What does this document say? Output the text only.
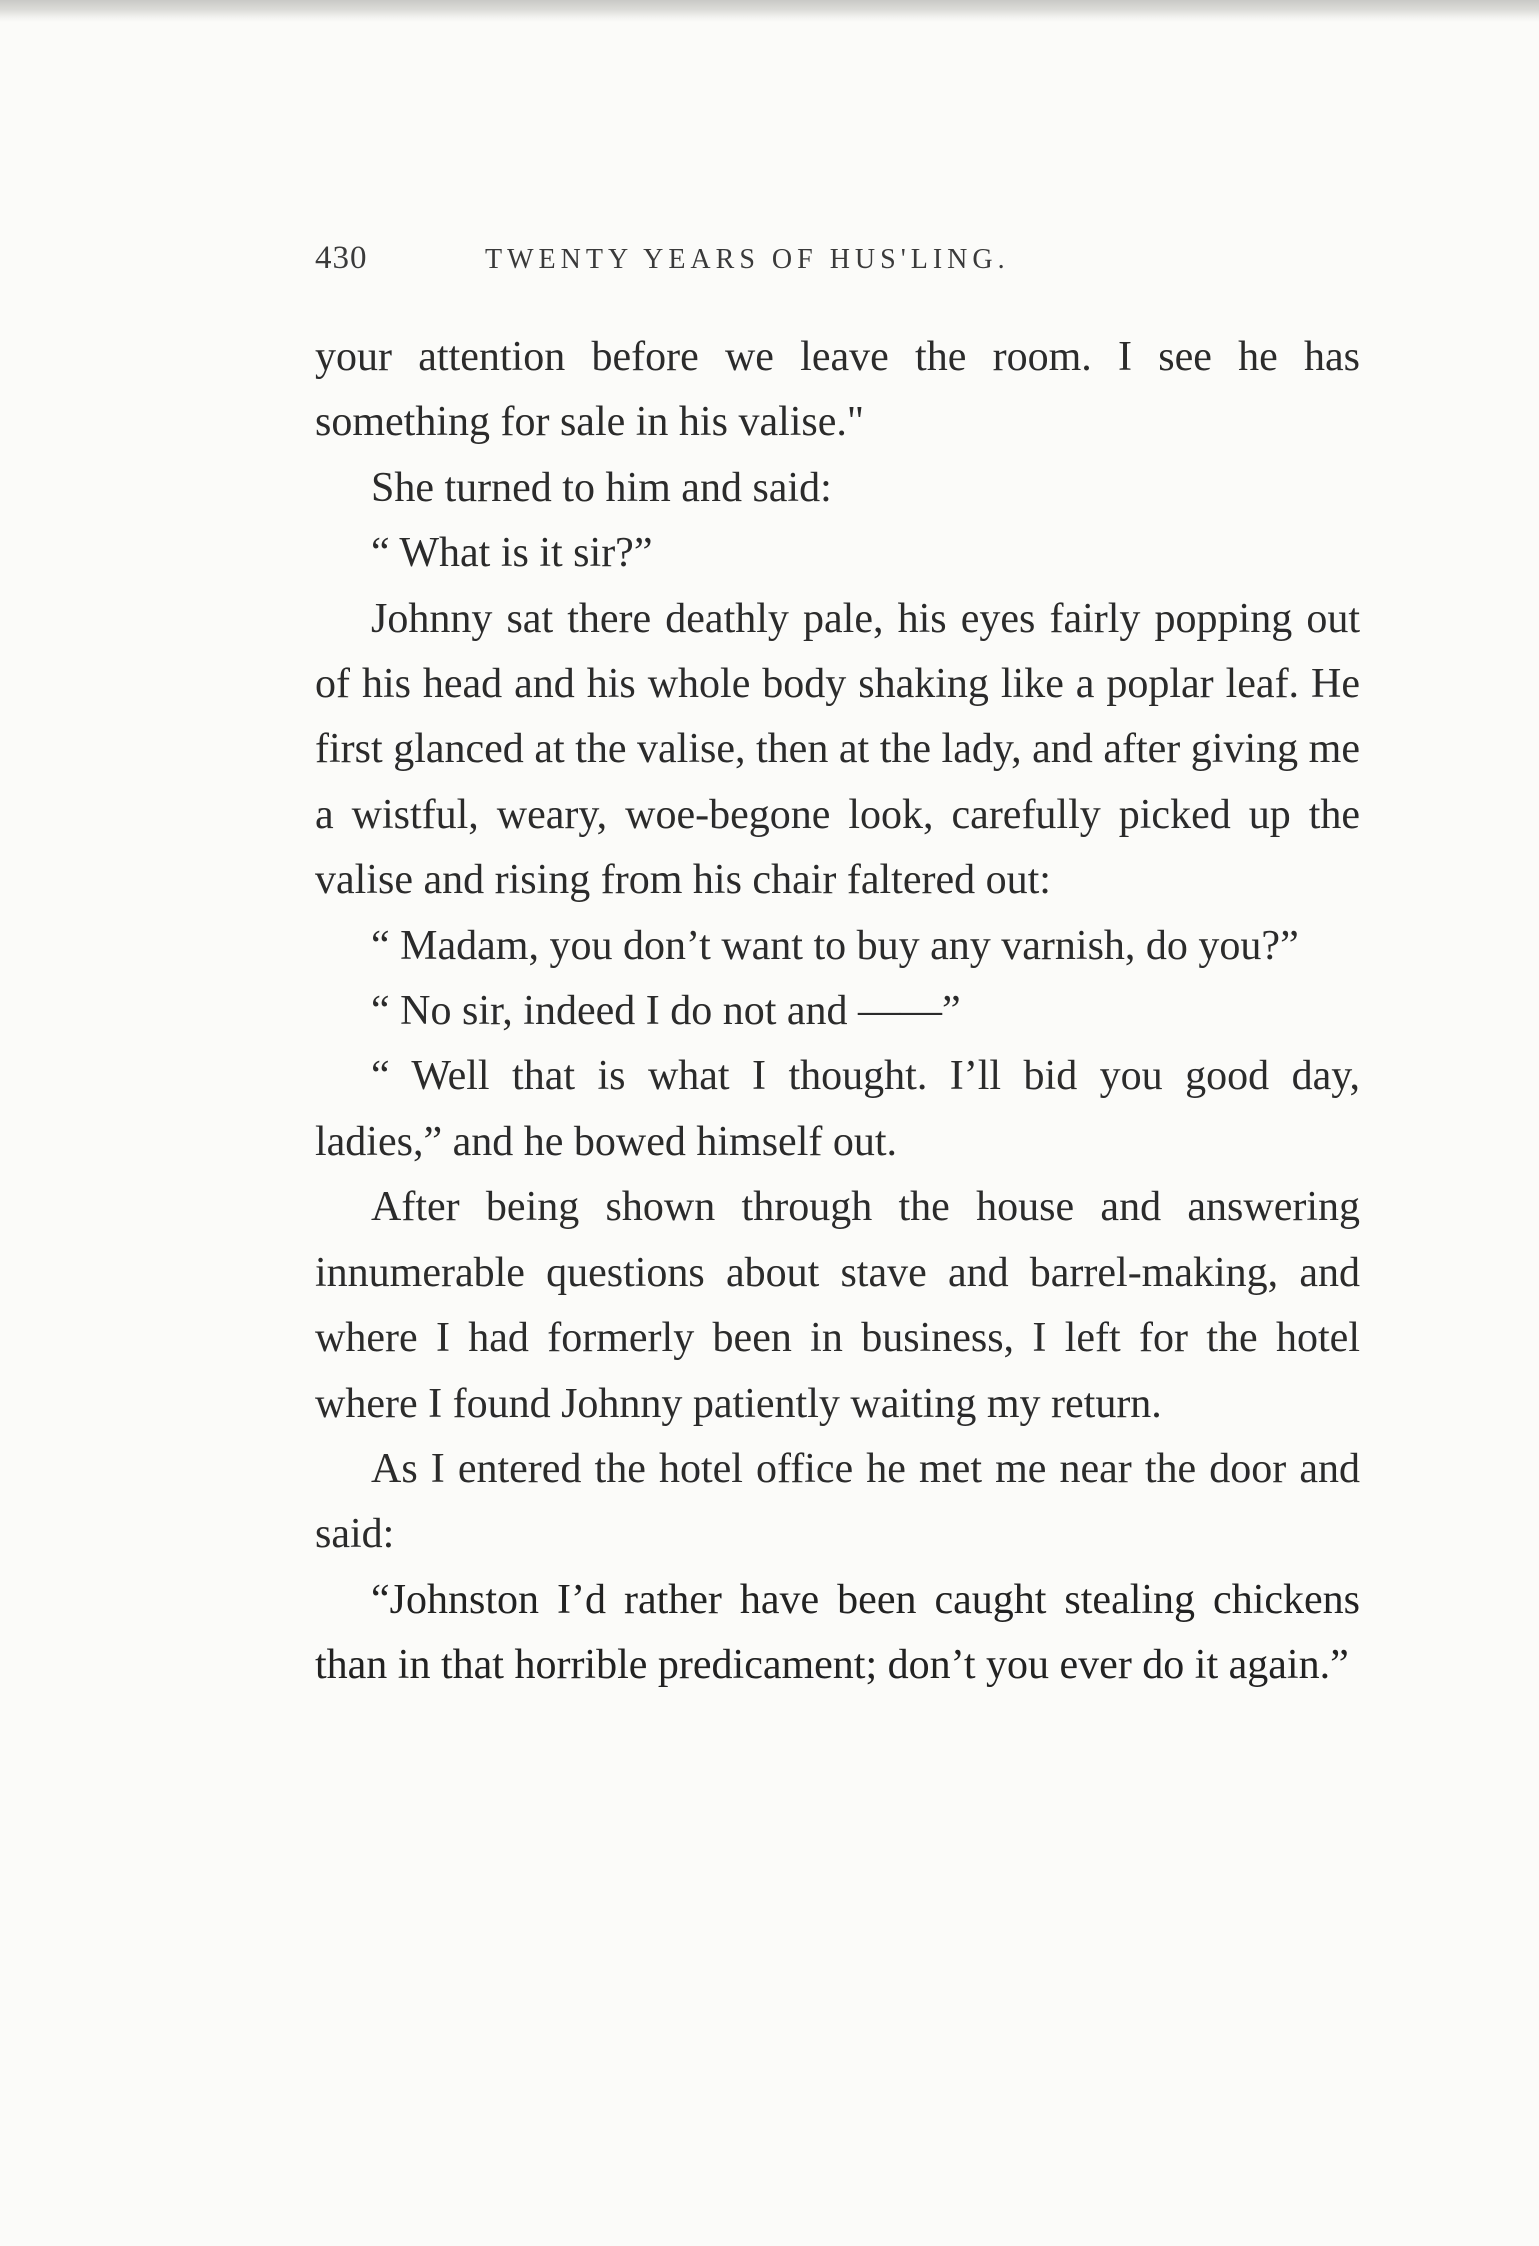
430	TWENTY YEARS OF HUS'LING.

your attention before we leave the room. I see he has something for sale in his valise."

She turned to him and said:

“ What is it sir?”

Johnny sat there deathly pale, his eyes fairly popping out of his head and his whole body shaking like a poplar leaf. He first glanced at the valise, then at the lady, and after giving me a wistful, weary, woe-begone look, carefully picked up the valise and rising from his chair faltered out:

“ Madam, you don’t want to buy any varnish, do you?”

“ No sir, indeed I do not and ——”

“ Well that is what I thought. I’ll bid you good day, ladies,” and he bowed himself out.

After being shown through the house and answering innumerable questions about stave and barrel-making, and where I had formerly been in business, I left for the hotel where I found Johnny patiently waiting my return.

As I entered the hotel office he met me near the door and said:

“Johnston I’d rather have been caught stealing chickens than in that horrible predicament; don’t you ever do it again.”
